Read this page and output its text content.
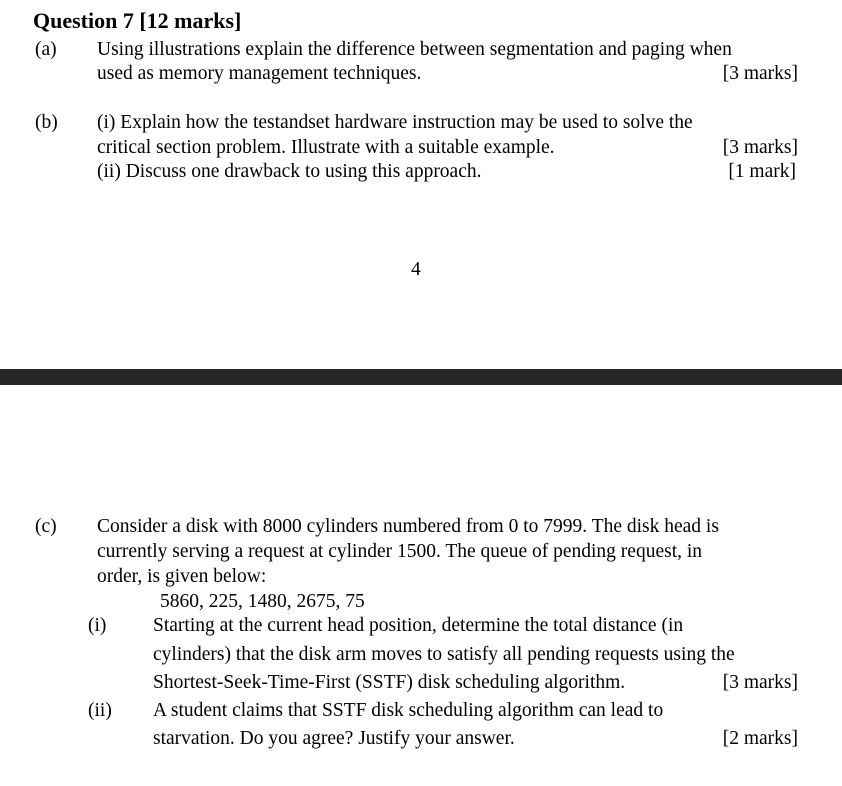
Question 7 [12 marks]
(a) Using illustrations explain the difference between segmentation and paging when
used as memory management techniques.	[3 marks]
(b) (i) Explain how the testandset hardware instruction may be used to solve the
critical section problem. Illustrate with a suitable example.	[3 marks]
(ii) Discuss one drawback to using this approach.	[1 mark]
4
(c) Consider a disk with 8000 cylinders numbered from 0 to 7999. The disk head is
currently serving a request at cylinder 1500. The queue of pending request, in
order, is given below:
5860, 225, 1480, 2675, 75
(i) Starting at the current head position, determine the total distance (in
cylinders) that the disk arm moves to satisfy all pending requests using the
Shortest-Seek-Time-First (SSTF) disk scheduling algorithm.	[3 marks]
(ii) A student claims that SSTF disk scheduling algorithm can lead to
starvation. Do you agree? Justify your answer.	[2 marks]
